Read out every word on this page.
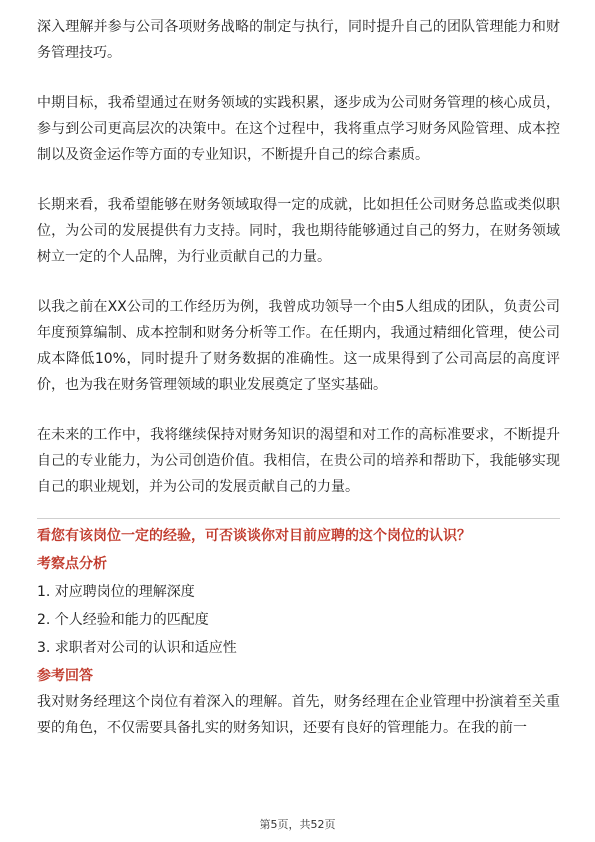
深入理解并参与公司各项财务战略的制定与执行，同时提升自己的团队管理能力和财务管理技巧。

中期目标，我希望通过在财务领域的实践积累，逐步成为公司财务管理的核心成员，参与到公司更高层次的决策中。在这个过程中，我将重点学习财务风险管理、成本控制以及资金运作等方面的专业知识，不断提升自己的综合素质。

长期来看，我希望能够在财务领域取得一定的成就，比如担任公司财务总监或类似职位，为公司的发展提供有力支持。同时，我也期待能够通过自己的努力，在财务领域树立一定的个人品牌，为行业贡献自己的力量。

以我之前在XX公司的工作经历为例，我曾成功领导一个由5人组成的团队，负责公司年度预算编制、成本控制和财务分析等工作。在任期内，我通过精细化管理，使公司成本降低10%，同时提升了财务数据的准确性。这一成果得到了公司高层的高度评价，也为我在财务管理领域的职业发展奠定了坚实基础。

在未来的工作中，我将继续保持对财务知识的渴望和对工作的高标准要求，不断提升自己的专业能力，为公司创造价值。我相信，在贵公司的培养和帮助下，我能够实现自己的职业规划，并为公司的发展贡献自己的力量。

看您有该岗位一定的经验，可否谈谈你对目前应聘的这个岗位的认识？

考察点分析

1. 对应聘岗位的理解深度

2. 个人经验和能力的匹配度

3. 求职者对公司的认识和适应性

参考回答

我对财务经理这个岗位有着深入的理解。首先，财务经理在企业管理中扮演着至关重要的角色，不仅需要具备扎实的财务知识，还要有良好的管理能力。在我的前一

第5页，共52页
